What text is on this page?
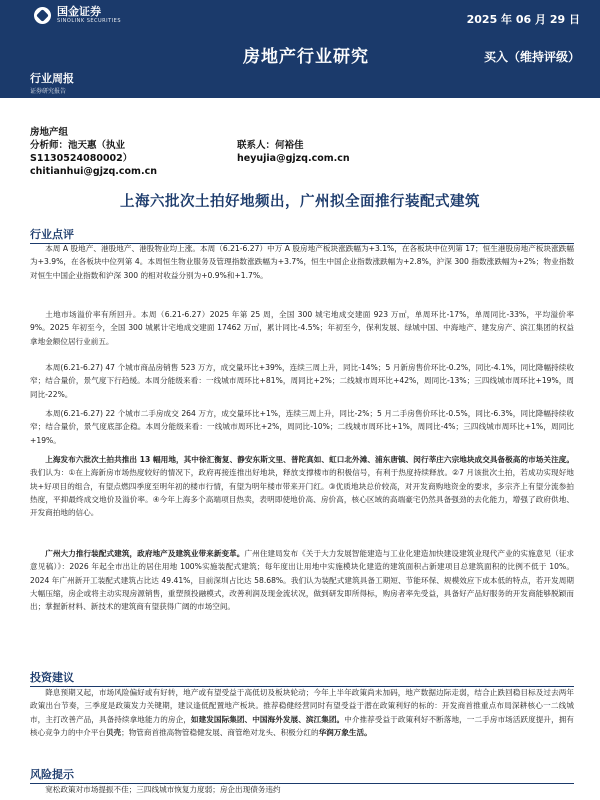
国金证券
SINOLINK SECURITIES	2025 年 06 月 29 日
房地产行业研究	买入（维持评级）
行业周报
证券研究报告
房地产组
分析师：池天惠（执业
S1130524080002）
chitianhui@gjzq.com.cn
联系人：何裕佳
heyujia@gjzq.com.cn
上海六批次土拍好地频出，广州拟全面推行装配式建筑
行业点评

本周 A 股地产、港股地产、港股物业均上涨。本周（6.21-6.27）中万 A 股房地产板块涨跌幅为+3.1%，在各板块中位列第 17；恒生港股房地产板块涨跌幅为+3.9%，在各板块中位列第 4。本周恒生物业服务及管理指数涨跌幅为+3.7%，恒生中国企业指数涨跌幅为+2.8%，沪深 300 指数涨跌幅为+2%；物业指数对恒生中国企业指数和沪深 300 的相对收益分别为+0.9%和+1.7%。

土地市场溢价率有所回升。本周（6.21-6.27）2025 年第 25 周，全国 300 城宅地成交建面 923 万㎡，单周环比-17%，单周同比-33%，平均溢价率 9%。2025 年初至今，全国 300 城累计宅地成交建面 17462 万㎡，累计同比-4.5%；年初至今，保利发展、绿城中国、中海地产、建发房产、滨江集团的权益拿地金额位居行业前五。

本周(6.21-6.27) 47 个城市商品房销售 523 万方，成交量环比+39%，连续三周上升，同比-14%；5 月新房售价环比-0.2%，同比-4.1%，同比降幅持续收窄；结合量价，景气度下行趋缓。本周分能级来看：一线城市周环比+81%，周同比+2%；二线城市周环比+42%，周同比-13%；三四线城市周环比+19%，周同比-22%。

本周(6.21-6.27) 22 个城市二手房成交 264 万方，成交量环比+1%，连续三周上升，同比-2%；5 月二手房售价环比-0.5%，同比-6.3%，同比降幅持续收窄；结合量价，景气度底部企稳。本周分能级来看：一线城市周环比+2%，周同比-10%；二线城市周环比+1%，周同比-4%；三四线城市周环比+1%，周同比+19%。

上海发布六批次土拍共推出 13 幅用地，其中徐汇衡复、静安东斯文里、普陀真如、虹口北外滩、浦东唐镇、闵行莘庄六宗地块成交具备极高的市场关注度。我们认为：①在上海新房市场热度较好的情况下，政府再接连推出好地块，释放支撑楼市的积极信号，有利于热度持续释放。②7 月该批次土拍，若成功实现好地块+好项目的组合，有望点燃四季度至明年初的楼市行情，有望为明年楼市带来开门红。③优质地块总价较高，对开发商购地资金的要求，多宗齐上有望分流参拍热度，平抑最终成交地价及溢价率。④今年上海多个高端项目热卖，表明即使地价高、房价高，核心区域的高端豪宅仍然具备强劲的去化能力，增强了政府供地、开发商拍地的信心。

广州大力推行装配式建筑，政府地产及建筑业带来新变革。广州住建局发布《关于大力发展智能建造与工业化建造加快建设建筑业现代产业的实施意见（征求意见稿）》：2026 年起全市出让的居住用地 100%实施装配式建筑；每年度出让用地中实施模块化建造的建筑面积占新建项目总建筑面积的比例不低于 10%。2024 年广州新开工装配式建筑占比达 49.41%，目前深圳占比达 58.68%。我们认为装配式建筑具备工期短、节能环保、规模效应下成本低的特点，若开发周期大幅压缩，房企或将主动实现房源销售，重塑预投融模式，改善利润及现金流状况，做到研发即所得标，购房者率先受益，具备好产品好服务的开发商能够脱颖而出；掌握新材料、新技术的建筑商有望获得广阔的市场空间。

投资建议

降息预期又起，市场风险偏好或有好转，地产或有望受益于高低切及板块轮动；今年上半年政策尚未加码，地产数据边际走弱，结合止跌回稳目标及过去两年政策出台节奏，三季度是政策发力关键期，建议逢低配置地产板块。推荐稳健经营同时有望受益于潜在政策利好的标的：开发商首推重点布局深耕核心一二线城市，主打改善产品，具备持续拿地能力的房企，如建发国际集团、中国海外发展、滨江集团。中介推荐受益于政策利好不断落地，一二手房市场活跃度提升，拥有核心竞争力的中介平台贝壳；物管商首推高物管稳健发展、商管绝对龙头、积极分红的华润万象生活。

风险提示

宽松政策对市场提振不佳；三四线城市恢复力度弱；房企出现债务违约
